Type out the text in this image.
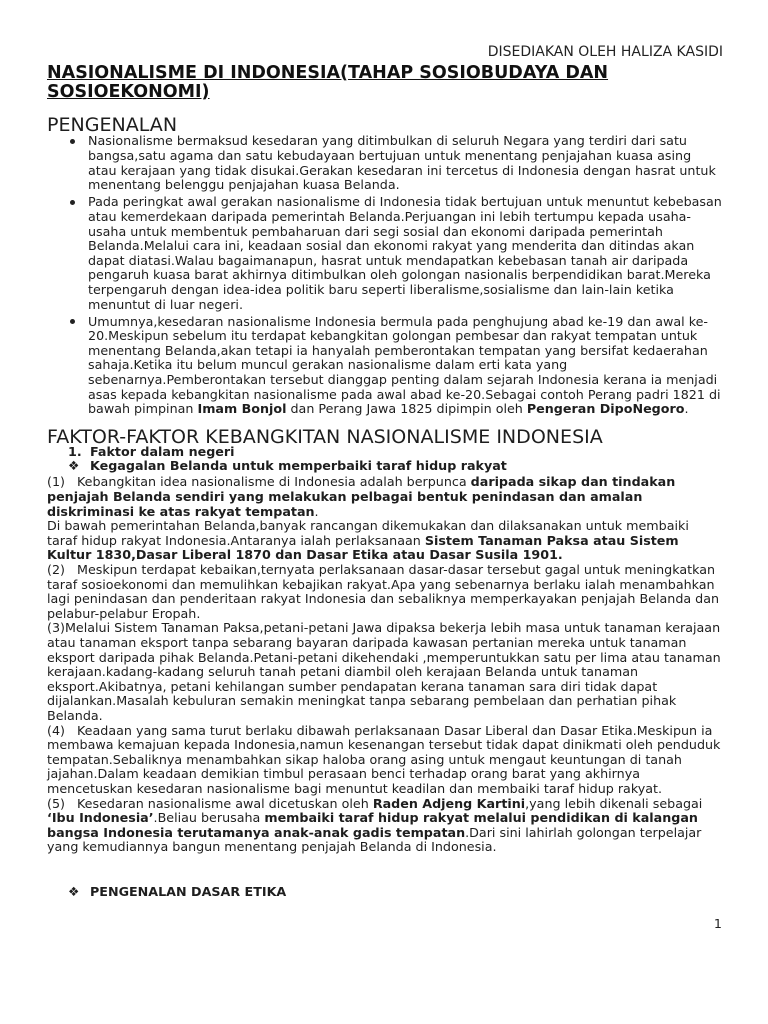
DISEDIAKAN OLEH HALIZA KASIDI
NASIONALISME DI INDONESIA(TAHAP SOSIOBUDAYA DAN SOSIOEKONOMI)
PENGENALAN
Nasionalisme bermaksud kesedaran yang ditimbulkan di seluruh Negara yang terdiri dari satu bangsa,satu agama dan satu kebudayaan bertujuan untuk menentang penjajahan kuasa asing atau kerajaan yang tidak disukai.Gerakan kesedaran ini tercetus di Indonesia dengan hasrat untuk menentang belenggu penjajahan kuasa Belanda.
Pada peringkat awal gerakan nasionalisme di Indonesia tidak bertujuan untuk menuntut kebebasan atau kemerdekaan daripada pemerintah Belanda.Perjuangan ini lebih tertumpu kepada usaha-usaha untuk membentuk pembaharuan dari segi sosial dan ekonomi daripada pemerintah Belanda.Melalui cara ini, keadaan sosial dan ekonomi rakyat yang menderita dan ditindas akan dapat diatasi.Walau bagaimanapun, hasrat untuk mendapatkan kebebasan tanah air daripada pengaruh kuasa barat akhirnya ditimbulkan oleh golongan nasionalis berpendidikan barat.Mereka terpengaruh dengan idea-idea politik baru seperti liberalisme,sosialisme dan lain-lain ketika menuntut di luar negeri.
Umumnya,kesedaran nasionalisme Indonesia bermula pada penghujung abad ke-19 dan awal ke-20.Meskipun sebelum itu terdapat kebangkitan golongan pembesar dan rakyat tempatan untuk menentang Belanda,akan tetapi ia hanyalah pemberontakan tempatan yang bersifat kedaerahan sahaja.Ketika itu belum muncul gerakan nasionalisme dalam erti kata yang sebenarnya.Pemberontakan tersebut dianggap penting dalam sejarah Indonesia kerana ia menjadi asas kepada kebangkitan nasionalisme pada awal abad ke-20.Sebagai contoh Perang padri 1821 di bawah pimpinan Imam Bonjol dan Perang Jawa 1825 dipimpin oleh Pengeran DipoNegoro.
FAKTOR-FAKTOR KEBANGKITAN NASIONALISME INDONESIA
1. Faktor dalam negeri
❖ Kegagalan Belanda untuk memperbaiki taraf hidup rakyat

(1) Kebangkitan idea nasionalisme di Indonesia adalah berpunca daripada sikap dan tindakan penjajah Belanda sendiri yang melakukan pelbagai bentuk penindasan dan amalan diskriminasi ke atas rakyat tempatan.

Di bawah pemerintahan Belanda,banyak rancangan dikemukakan dan dilaksanakan untuk membaiki taraf hidup rakyat Indonesia.Antaranya ialah perlaksanaan Sistem Tanaman Paksa atau Sistem Kultur 1830,Dasar Liberal 1870 dan Dasar Etika atau Dasar Susila 1901.

(2) Meskipun terdapat kebaikan,ternyata perlaksanaan dasar-dasar tersebut gagal untuk meningkatkan taraf sosioekonomi dan memulihkan kebajikan rakyat.Apa yang sebenarnya berlaku ialah menambahkan lagi penindasan dan penderitaan rakyat Indonesia dan sebaliknya memperkayakan penjajah Belanda dan pelabur-pelabur Eropah.

(3)Melalui Sistem Tanaman Paksa,petani-petani Jawa dipaksa bekerja lebih masa untuk tanaman kerajaan atau tanaman eksport tanpa sebarang bayaran daripada kawasan pertanian mereka untuk tanaman eksport daripada pihak Belanda.Petani-petani dikehendaki ,memperuntukkan satu per lima atau tanaman kerajaan.kadang-kadang seluruh tanah petani diambil oleh kerajaan Belanda untuk tanaman eksport.Akibatnya, petani kehilangan sumber pendapatan kerana tanaman sara diri tidak dapat dijalankan.Masalah kebuluran semakin meningkat tanpa sebarang pembelaan dan perhatian pihak Belanda.

(4) Keadaan yang sama turut berlaku dibawah perlaksanaan Dasar Liberal dan Dasar Etika.Meskipun ia membawa kemajuan kepada Indonesia,namun kesenangan tersebut tidak dapat dinikmati oleh penduduk tempatan.Sebaliknya menambahkan sikap haloba orang asing untuk mengaut keuntungan di tanah jajahan.Dalam keadaan demikian timbul perasaan benci terhadap orang barat yang akhirnya mencetuskan kesedaran nasionalisme bagi menuntut keadilan dan membaiki taraf hidup rakyat.

(5) Kesedaran nasionalisme awal dicetuskan oleh Raden Adjeng Kartini,yang lebih dikenali sebagai ‘Ibu Indonesia’.Beliau berusaha membaiki taraf hidup rakyat melalui pendidikan di kalangan bangsa Indonesia terutamanya anak-anak gadis tempatan.Dari sini lahirlah golongan terpelajar yang kemudiannya bangun menentang penjajah Belanda di Indonesia.

❖ PENGENALAN DASAR ETIKA
1
